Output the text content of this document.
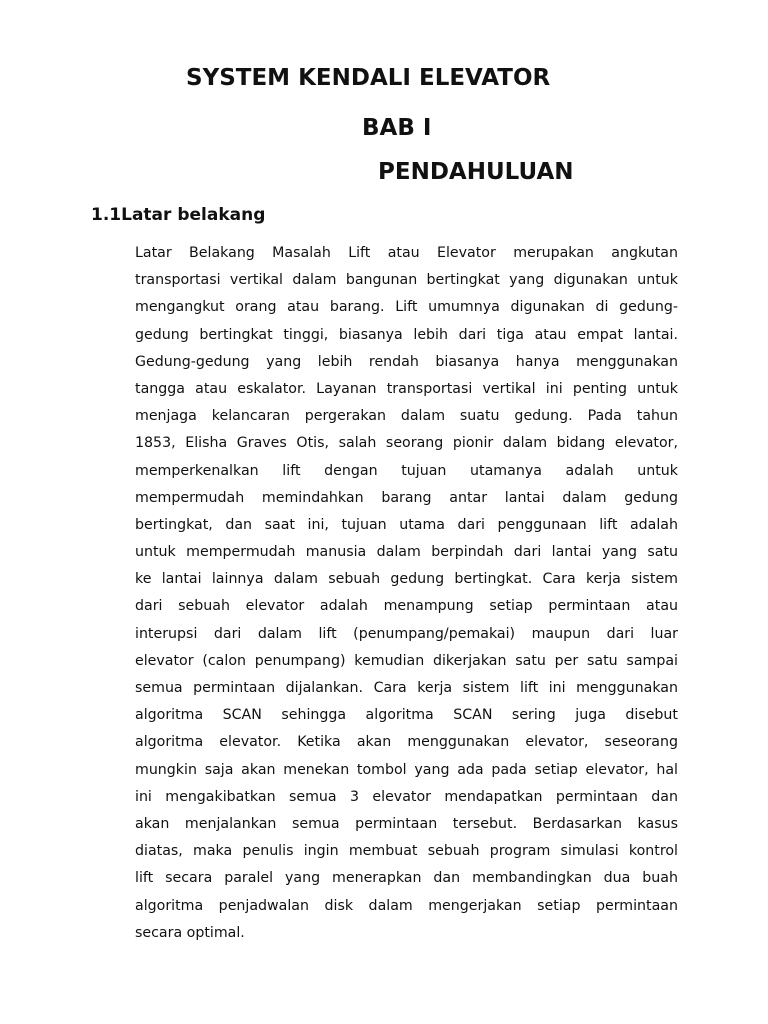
SYSTEM KENDALI ELEVATOR
BAB I
PENDAHULUAN
1.1Latar belakang
Latar Belakang Masalah Lift atau Elevator merupakan angkutan
transportasi vertikal dalam bangunan bertingkat yang digunakan untuk
mengangkut orang atau barang. Lift umumnya digunakan di gedung-
gedung bertingkat tinggi, biasanya lebih dari tiga atau empat lantai.
Gedung-gedung yang lebih rendah biasanya hanya menggunakan
tangga atau eskalator. Layanan transportasi vertikal ini penting untuk
menjaga kelancaran pergerakan dalam suatu gedung. Pada tahun
1853, Elisha Graves Otis, salah seorang pionir dalam bidang elevator,
memperkenalkan lift dengan tujuan utamanya adalah untuk
mempermudah memindahkan barang antar lantai dalam gedung
bertingkat, dan saat ini, tujuan utama dari penggunaan lift adalah
untuk mempermudah manusia dalam berpindah dari lantai yang satu
ke lantai lainnya dalam sebuah gedung bertingkat. Cara kerja sistem
dari sebuah elevator adalah menampung setiap permintaan atau
interupsi dari dalam lift (penumpang/pemakai) maupun dari luar
elevator (calon penumpang) kemudian dikerjakan satu per satu sampai
semua permintaan dijalankan. Cara kerja sistem lift ini menggunakan
algoritma SCAN sehingga algoritma SCAN sering juga disebut
algoritma elevator. Ketika akan menggunakan elevator, seseorang
mungkin saja akan menekan tombol yang ada pada setiap elevator, hal
ini mengakibatkan semua 3 elevator mendapatkan permintaan dan
akan menjalankan semua permintaan tersebut. Berdasarkan kasus
diatas, maka penulis ingin membuat sebuah program simulasi kontrol
lift secara paralel yang menerapkan dan membandingkan dua buah
algoritma penjadwalan disk dalam mengerjakan setiap permintaan
secara optimal.
